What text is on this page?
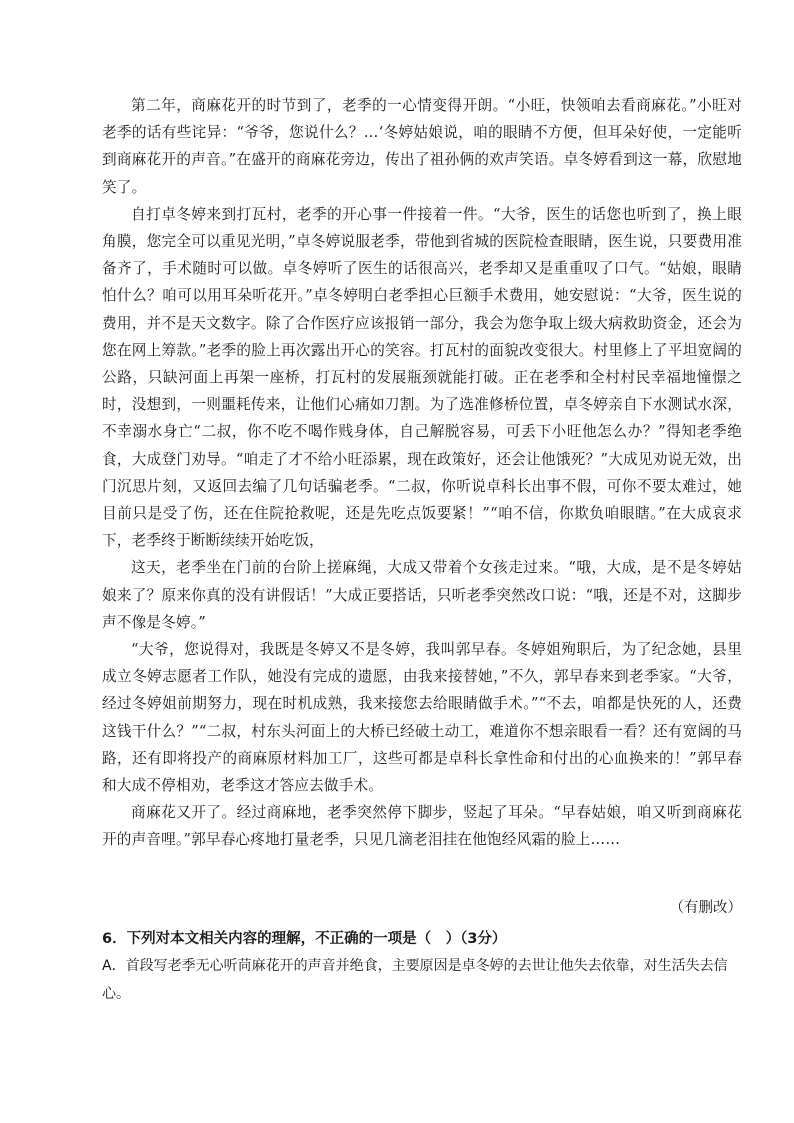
第二年，商麻花开的时节到了，老季的一心情变得开朗。“小旺，快领咱去看商麻花。”小旺对老季的话有些诧异：“爷爷，您说什么？…‘冬婷姑娘说，咱的眼睛不方便，但耳朵好使，一定能听到商麻花开的声音。”在盛开的商麻花旁边，传出了祖孙俩的欢声笑语。卓冬婷看到这一幕，欣慰地笑了。

自打卓冬婷来到打瓦村，老季的开心事一件接着一件。“大爷，医生的话您也听到了，换上眼角膜，您完全可以重见光明，”卓冬婷说服老季，带他到省城的医院检查眼睛，医生说，只要费用准备齐了，手术随时可以做。卓冬婷听了医生的话很高兴，老季却又是重重叹了口气。“姑娘，眼睛怕什么？咱可以用耳朵听花开。”卓冬婷明白老季担心巨额手术费用，她安慰说：“大爷，医生说的费用，并不是天文数字。除了合作医疗应该报销一部分，我会为您争取上级大病救助资金，还会为您在网上筹款。”老季的脸上再次露出开心的笑容。打瓦村的面貌改变很大。村里修上了平坦宽阔的公路，只缺河面上再架一座桥，打瓦村的发展瓶颈就能打破。正在老季和全村村民幸福地憧憬之时，没想到，一则噩耗传来，让他们心痛如刀割。为了选准修桥位置，卓冬婷亲自下水测试水深，不幸溺水身亡“二叔，你不吃不喝作贱身体，自己解脱容易，可丢下小旺他怎么办？”得知老季绝食，大成登门劝导。“咱走了才不给小旺添累，现在政策好，还会让他饿死？”大成见劝说无效，出门沉思片刻，又返回去编了几句话骗老季。“二叔，你听说卓科长出事不假，可你不要太难过，她目前只是受了伤，还在住院抢救呢，还是先吃点饭要紧！”“咱不信，你欺负咱眼瞎。”在大成哀求下，老季终于断断续续开始吃饭，

这天，老季坐在门前的台阶上搓麻绳，大成又带着个女孩走过来。“哦，大成，是不是冬婷姑娘来了？原来你真的没有讲假话！”大成正要搭话，只听老季突然改口说：“哦，还是不对，这脚步声不像是冬婷。”

“大爷，您说得对，我既是冬婷又不是冬婷，我叫郭早春。冬婷姐殉职后，为了纪念她，县里成立冬婷志愿者工作队，她没有完成的遗愿，由我来接替她，”不久，郭早春来到老季家。“大爷，经过冬婷姐前期努力，现在时机成熟，我来接您去给眼睛做手术。”“不去，咱都是快死的人，还费这钱干什么？”“二叔，村东头河面上的大桥已经破土动工，难道你不想亲眼看一看？还有宽阔的马路，还有即将投产的商麻原材料加工厂，这些可都是卓科长拿性命和付出的心血换来的！”郭早春和大成不停相劝，老季这才答应去做手术。

商麻花又开了。经过商麻地，老季突然停下脚步，竖起了耳朵。“早春姑娘，咱又听到商麻花开的声音哩。”郭早春心疼地打量老季，只见几滴老泪挂在他饱经风霜的脸上……

（有删改）
6．下列对本文相关内容的理解，不正确的一项是（　）（3分）
A．首段写老季无心听苘麻花开的声音并绝食，主要原因是卓冬婷的去世让他失去依靠，对生活失去信心。
